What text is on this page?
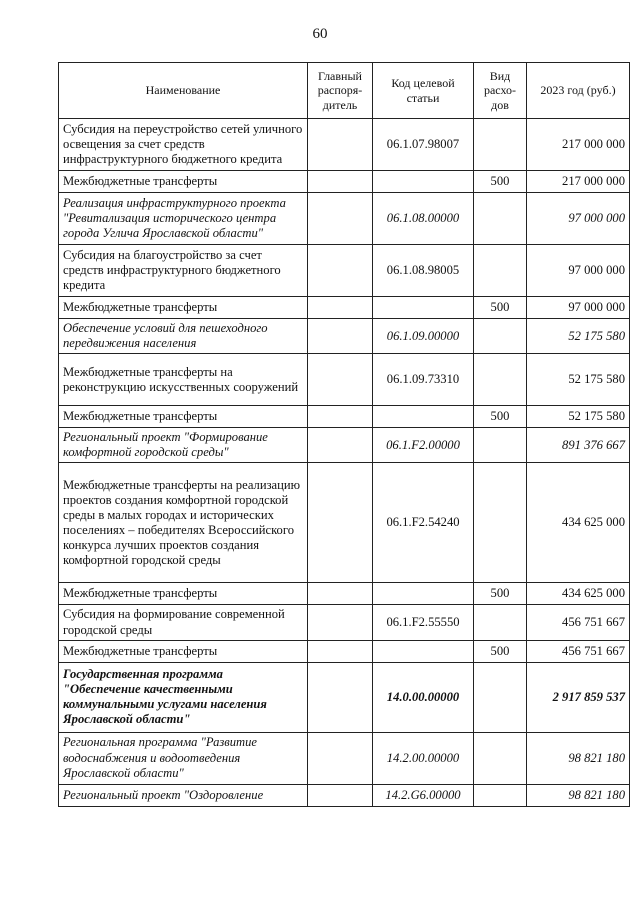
60
Наименование	Главный распоря-дитель	Код целевой статьи	Вид расхо-дов	2023 год (руб.)
Субсидия на переустройство сетей уличного освещения за счет средств инфраструктурного бюджетного кредита		06.1.07.98007		217 000 000
Межбюджетные трансферты			500	217 000 000
Реализация инфраструктурного проекта "Ревитализация исторического центра города Углича Ярославской области"		06.1.08.00000		97 000 000
Субсидия на благоустройство за счет средств инфраструктурного бюджетного кредита		06.1.08.98005		97 000 000
Межбюджетные трансферты			500	97 000 000
Обеспечение условий для пешеходного передвижения населения		06.1.09.00000		52 175 580
Межбюджетные трансферты на реконструкцию искусственных сооружений		06.1.09.73310		52 175 580
Межбюджетные трансферты			500	52 175 580
Региональный проект "Формирование комфортной городской среды"		06.1.F2.00000		891 376 667
Межбюджетные трансферты на реализацию проектов создания комфортной городской среды в малых городах и исторических поселениях – победителях Всероссийского конкурса лучших проектов создания комфортной городской среды		06.1.F2.54240		434 625 000
Межбюджетные трансферты			500	434 625 000
Субсидия на формирование современной городской среды		06.1.F2.55550		456 751 667
Межбюджетные трансферты			500	456 751 667
Государственная программа "Обеспечение качественными коммунальными услугами населения Ярославской области"		14.0.00.00000		2 917 859 537
Региональная программа "Развитие водоснабжения и водоотведения Ярославской области"		14.2.00.00000		98 821 180
Региональный проект "Оздоровление		14.2.G6.00000		98 821 180
